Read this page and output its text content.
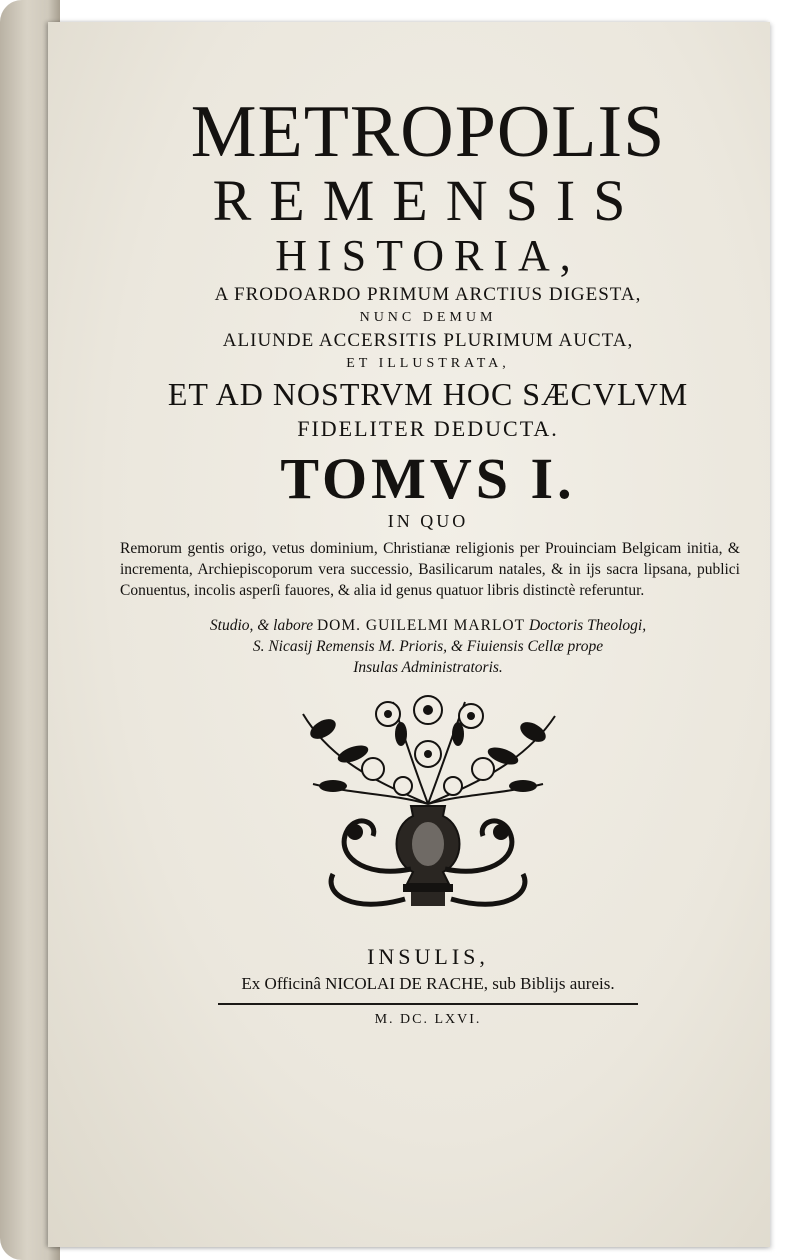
METROPOLIS

REMENSIS

HISTORIA,

A FRODOARDO PRIMUM ARCTIUS DIGESTA,

NUNC DEMUM

ALIUNDE ACCERSITIS PLURIMUM AUCTA,

ET ILLUSTRATA,

ET AD NOSTRVM HOC SÆCVLVM

FIDELITER DEDUCTA.

TOMVS I.

IN QUO

Remorum gentis origo, vetus dominium, Christianæ religionis per Prouinciam Belgicam initia, & incrementa, Archiepiscoporum vera successio, Basilicarum natales, & in ijs sacra lipsana, publici Conuentus, incolis asperſi fauores, & alia id genus quatuor libris distinctè referuntur.

Studio, & labore DOM. GUILELMI MARLOT Doctoris Theologi,

S. Nicasij Remensis M. Prioris, & Fiuiensis Cellæ prope

Insulas Administratoris.

INSULIS,

Ex Officinâ NICOLAI DE RACHE, sub Biblijs aureis.

M. DC. LXVI.
